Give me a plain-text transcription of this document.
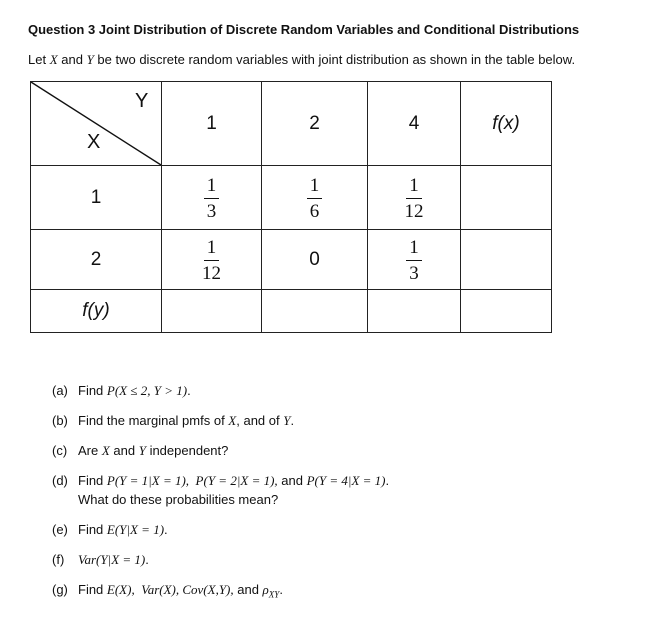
Question 3 Joint Distribution of Discrete Random Variables and Conditional Distributions
Let X and Y be two discrete random variables with joint distribution as shown in the table below.
Y
X	1	2	4	f(x)
1	$\frac{1}{3}$	$\frac{1}{6}$	$\frac{1}{12}$

2	$\frac{1}{12}$	0	$\frac{1}{3}$

f(y)				
(a) Find P(X ≤ 2, Y > 1).
(b) Find the marginal pmfs of X, and of Y.
(c) Are X and Y independent?
(d) Find P(Y = 1|X = 1),  P(Y = 2|X = 1), and P(Y = 4|X = 1).
What do these probabilities mean?
(e) Find E(Y|X = 1).
(f) Var(Y|X = 1).
(g) Find E(X),  Var(X), Cov(X,Y), and $\rho_{XY}$.
